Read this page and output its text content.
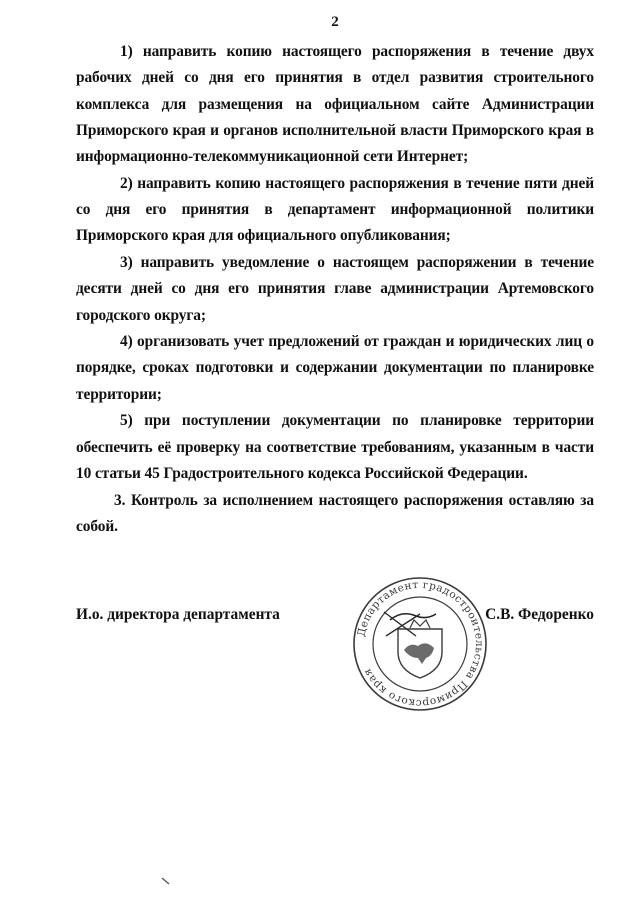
2

1) направить копию настоящего распоряжения в течение двух рабочих дней со дня его принятия в отдел развития строительного комплекса для размещения на официальном сайте Администрации Приморского края и органов исполнительной власти Приморского края в информационно-телекоммуникационной сети Интернет;

2) направить копию настоящего распоряжения в течение пяти дней со дня его принятия в департамент информационной политики Приморского края для официального опубликования;

3) направить уведомление о настоящем распоряжении в течение десяти дней со дня его принятия главе администрации Артемовского городского округа;

4) организовать учет предложений от граждан и юридических лиц о порядке, сроках подготовки и содержании документации по планировке территории;

5) при поступлении документации по планировке территории обеспечить её проверку на соответствие требованиям, указанным в части 10 статьи 45 Градостроительного кодекса Российской Федерации.

3. Контроль за исполнением настоящего распоряжения оставляю за собой.

И.о. директора департамента	С.В. Федоренко
Департамент градостроительства Приморского края
